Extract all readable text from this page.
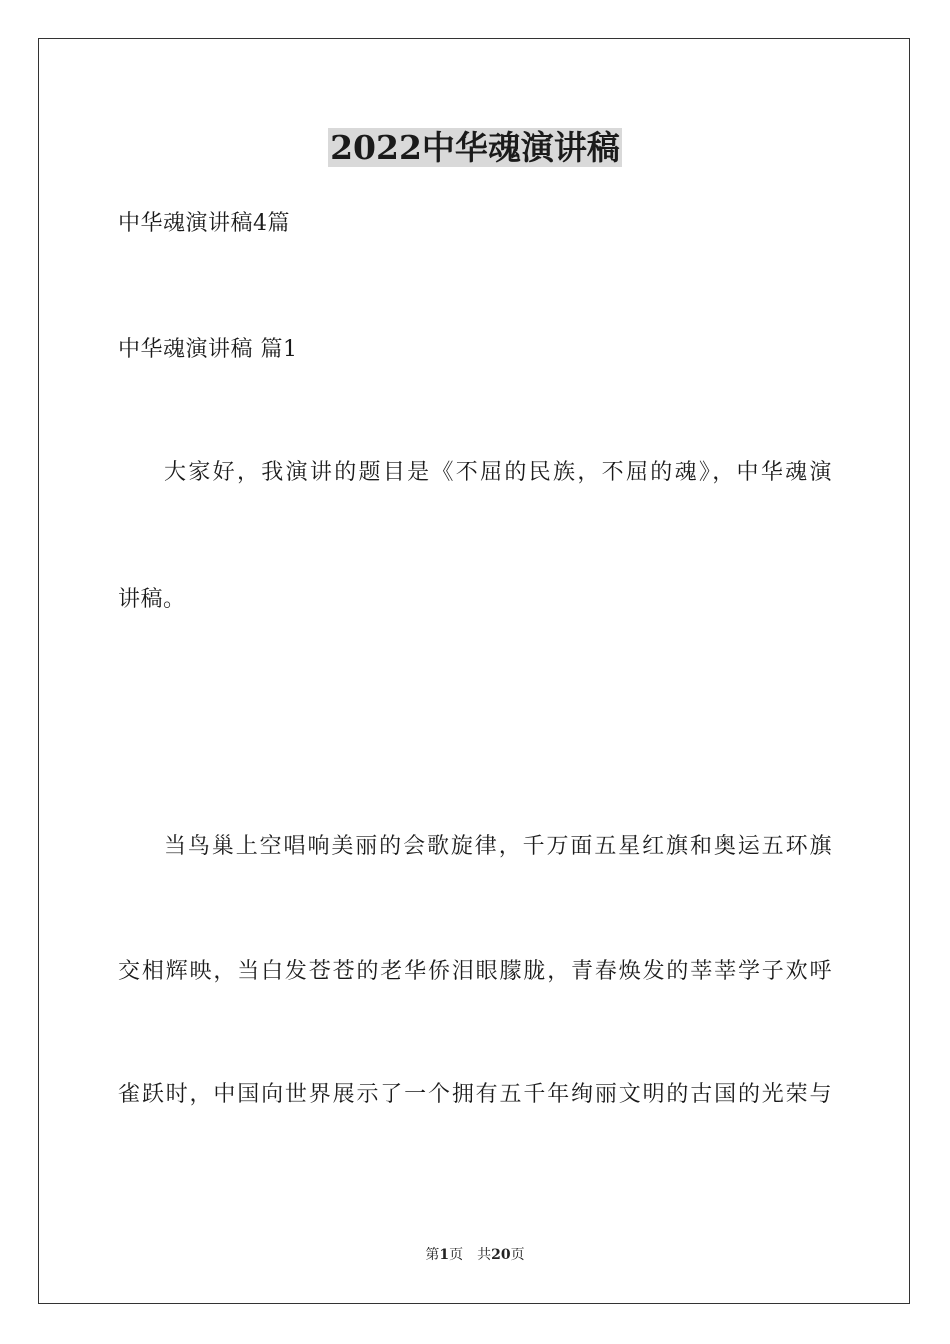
2022中华魂演讲稿
中华魂演讲稿4篇
中华魂演讲稿 篇1
大家好，我演讲的题目是《不屈的民族，不屈的魂》，中华魂演
讲稿。
当鸟巢上空唱响美丽的会歌旋律，千万面五星红旗和奥运五环旗
交相辉映，当白发苍苍的老华侨泪眼朦胧，青春焕发的莘莘学子欢呼
雀跃时，中国向世界展示了一个拥有五千年绚丽文明的古国的光荣与
第1页 共20页
